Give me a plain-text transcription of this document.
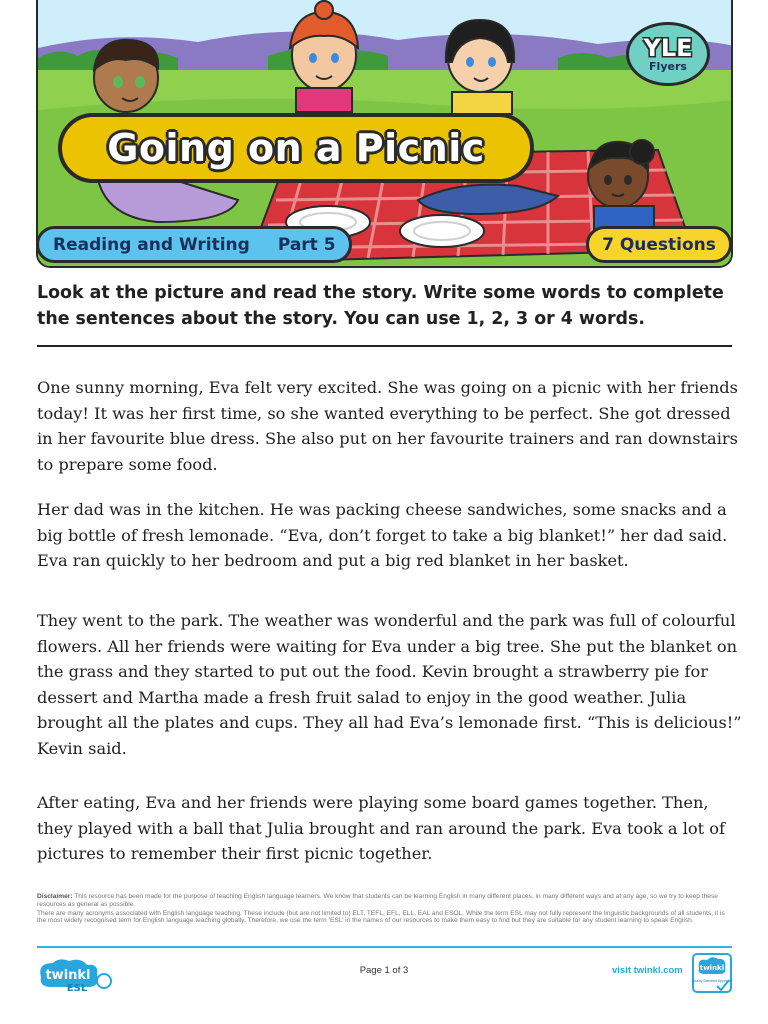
YLE
Flyers
Going on a Picnic
Reading and Writing	Part 5	7 Questions
Look at the picture and read the story. Write some words to complete the sentences about the story. You can use 1, 2, 3 or 4 words.

One sunny morning, Eva felt very excited. She was going on a picnic with her friends today! It was her first time, so she wanted everything to be perfect. She got dressed in her favourite blue dress. She also put on her favourite trainers and ran downstairs to prepare some food.

Her dad was in the kitchen. He was packing cheese sandwiches, some snacks and a big bottle of fresh lemonade. “Eva, don’t forget to take a big blanket!” her dad said. Eva ran quickly to her bedroom and put a big red blanket in her basket.

They went to the park. The weather was wonderful and the park was full of colourful flowers. All her friends were waiting for Eva under a big tree. She put the blanket on the grass and they started to put out the food. Kevin brought a strawberry pie for dessert and Martha made a fresh fruit salad to enjoy in the good weather. Julia brought all the plates and cups. They all had Eva’s lemonade first. “This is delicious!” Kevin said.

After eating, Eva and her friends were playing some board games together. Then, they played with a ball that Julia brought and ran around the park. Eva took a lot of pictures to remember their first picnic together.

Disclaimer: This resource has been made for the purpose of teaching English language learners. We know that students can be learning English in many different places, in many different ways and at any age, so we try to keep these resources as general as possible.

There are many acronyms associated with English language teaching. These include (but are not limited to) ELT, TEFL, EFL, ELL, EAL and ESOL. While the term ESL may not fully represent the linguistic backgrounds of all students, it is the most widely recognised term for English language teaching globally. Therefore, we use the term ‘ESL’ in the names of our resources to make them easy to find but they are suitable for any student learning to speak English.

twinkl
ESL
Page 1 of 3	visit twinkl.com twinkl
Quality Standard Approved
